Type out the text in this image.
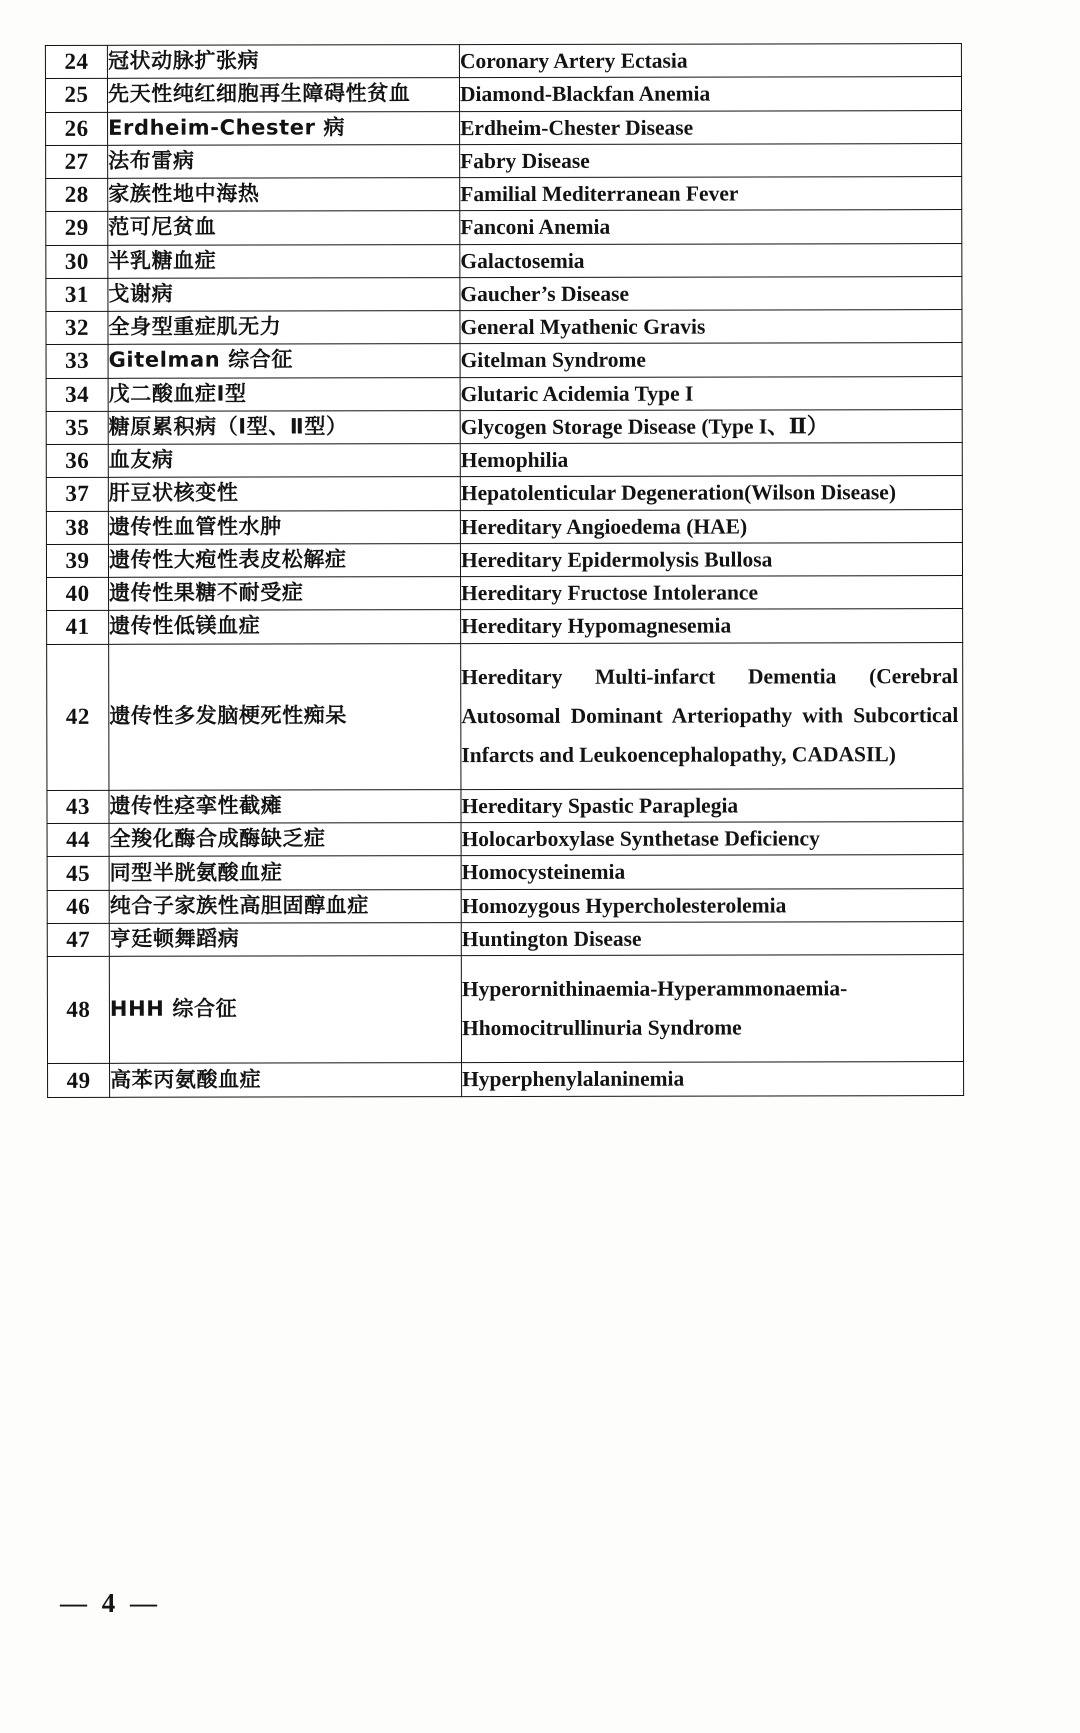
24	冠状动脉扩张病	Coronary Artery Ectasia
25	先天性纯红细胞再生障碍性贫血	Diamond-Blackfan Anemia
26	Erdheim-Chester 病	Erdheim-Chester Disease
27	法布雷病	Fabry Disease
28	家族性地中海热	Familial Mediterranean Fever
29	范可尼贫血	Fanconi Anemia
30	半乳糖血症	Galactosemia
31	戈谢病	Gaucher’s Disease
32	全身型重症肌无力	General Myathenic Gravis
33	Gitelman 综合征	Gitelman Syndrome
34	戊二酸血症Ⅰ型	Glutaric Acidemia Type I
35	糖原累积病（Ⅰ型、Ⅱ型）	Glycogen Storage Disease (Type I、Ⅱ）
36	血友病	Hemophilia
37	肝豆状核变性	Hepatolenticular Degeneration(Wilson Disease)
38	遗传性血管性水肿	Hereditary Angioedema (HAE)
39	遗传性大疱性表皮松解症	Hereditary Epidermolysis Bullosa
40	遗传性果糖不耐受症	Hereditary Fructose Intolerance
41	遗传性低镁血症	Hereditary Hypomagnesemia
42	遗传性多发脑梗死性痴呆	Hereditary Multi-infarct Dementia (Cerebral Autosomal Dominant Arteriopathy with Subcortical Infarcts and Leukoencephalopathy, CADASIL)
43	遗传性痉挛性截瘫	Hereditary Spastic Paraplegia
44	全羧化酶合成酶缺乏症	Holocarboxylase Synthetase Deficiency
45	同型半胱氨酸血症	Homocysteinemia
46	纯合子家族性高胆固醇血症	Homozygous Hypercholesterolemia
47	亨廷顿舞蹈病	Huntington Disease
48	HHH 综合征	Hyperornithinaemia-Hyperammonaemia-Hhomocitrullinuria Syndrome
49	高苯丙氨酸血症	Hyperphenylalaninemia
— 4 —
